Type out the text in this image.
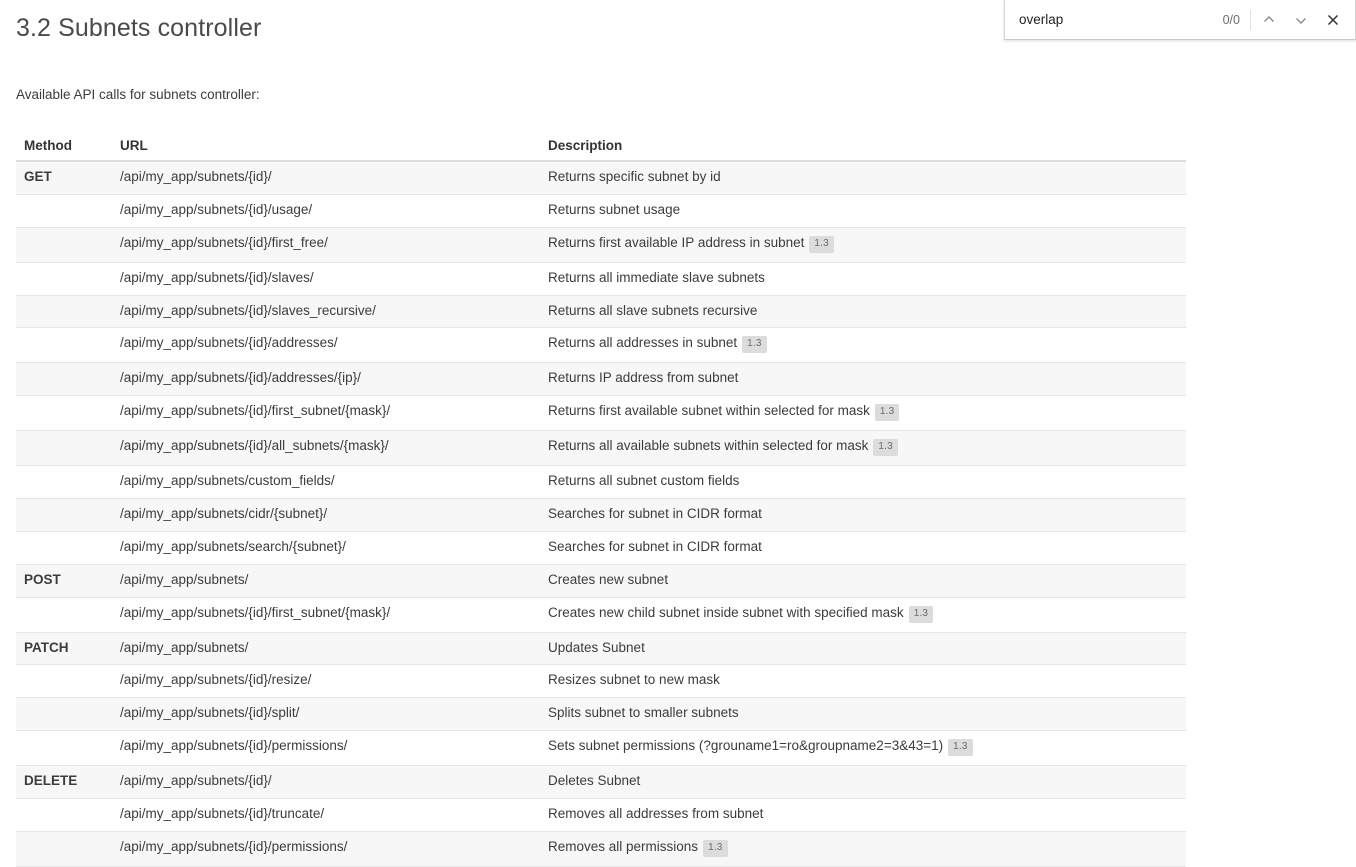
3.2 Subnets controller

Available API calls for subnets controller:

Method	URL	Description
GET	/api/my_app/subnets/{id}/	Returns specific subnet by id
	/api/my_app/subnets/{id}/usage/	Returns subnet usage
	/api/my_app/subnets/{id}/first_free/	Returns first available IP address in subnet 1.3
	/api/my_app/subnets/{id}/slaves/	Returns all immediate slave subnets
	/api/my_app/subnets/{id}/slaves_recursive/	Returns all slave subnets recursive
	/api/my_app/subnets/{id}/addresses/	Returns all addresses in subnet 1.3
	/api/my_app/subnets/{id}/addresses/{ip}/	Returns IP address from subnet
	/api/my_app/subnets/{id}/first_subnet/{mask}/	Returns first available subnet within selected for mask 1.3
	/api/my_app/subnets/{id}/all_subnets/{mask}/	Returns all available subnets within selected for mask 1.3
	/api/my_app/subnets/custom_fields/	Returns all subnet custom fields
	/api/my_app/subnets/cidr/{subnet}/	Searches for subnet in CIDR format
	/api/my_app/subnets/search/{subnet}/	Searches for subnet in CIDR format
POST	/api/my_app/subnets/	Creates new subnet
	/api/my_app/subnets/{id}/first_subnet/{mask}/	Creates new child subnet inside subnet with specified mask 1.3
PATCH	/api/my_app/subnets/	Updates Subnet
	/api/my_app/subnets/{id}/resize/	Resizes subnet to new mask
	/api/my_app/subnets/{id}/split/	Splits subnet to smaller subnets
	/api/my_app/subnets/{id}/permissions/	Sets subnet permissions (?grouname1=ro&groupname2=3&43=1) 1.3
DELETE	/api/my_app/subnets/{id}/	Deletes Subnet
	/api/my_app/subnets/{id}/truncate/	Removes all addresses from subnet
	/api/my_app/subnets/{id}/permissions/	Removes all permissions 1.3
overlap
0/0
